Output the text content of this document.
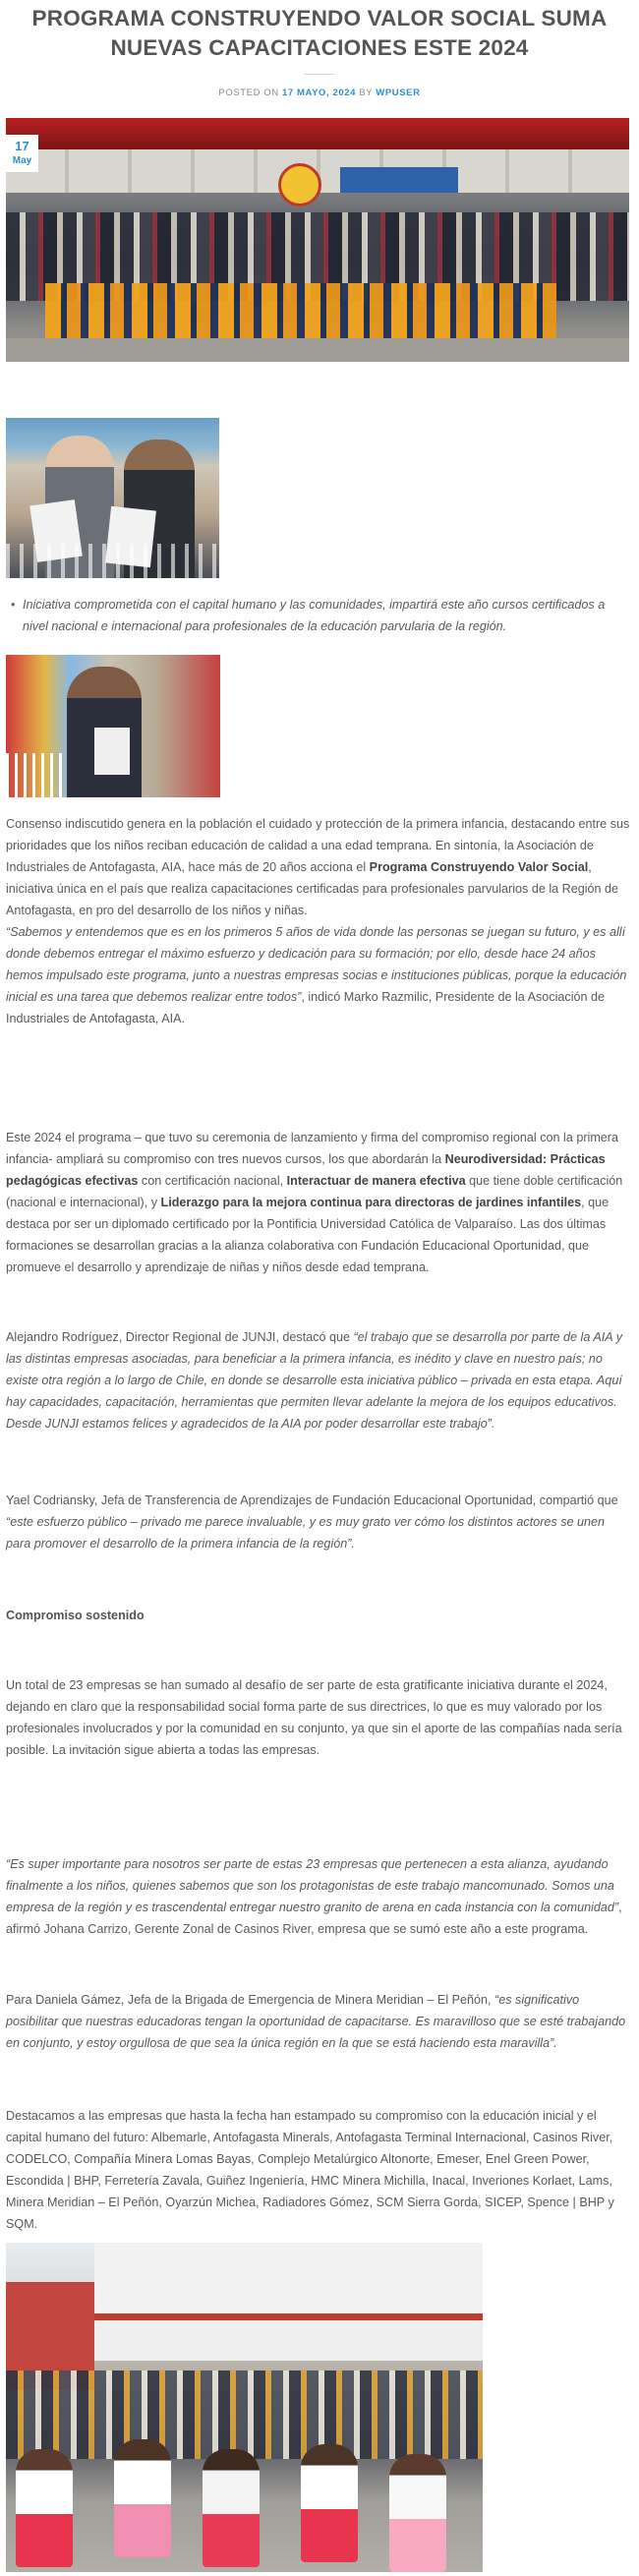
PROGRAMA CONSTRUYENDO VALOR SOCIAL SUMA NUEVAS CAPACITACIONES ESTE 2024
POSTED ON 17 MAYO, 2024 BY WPUSER
17
May
• Iniciativa comprometida con el capital humano y las comunidades, impartirá este año cursos certificados a nivel nacional e internacional para profesionales de la educación parvularia de la región.

Consenso indiscutido genera en la población el cuidado y protección de la primera infancia, destacando entre sus prioridades que los niños reciban educación de calidad a una edad temprana. En sintonía, la Asociación de Industriales de Antofagasta, AIA, hace más de 20 años acciona el Programa Construyendo Valor Social, iniciativa única en el país que realiza capacitaciones certificadas para profesionales parvularios de la Región de Antofagasta, en pro del desarrollo de los niños y niñas.

“Sabemos y entendemos que es en los primeros 5 años de vida donde las personas se juegan su futuro, y es allí donde debemos entregar el máximo esfuerzo y dedicación para su formación; por ello, desde hace 24 años hemos impulsado este programa, junto a nuestras empresas socias e instituciones públicas, porque la educación inicial es una tarea que debemos realizar entre todos”, indicó Marko Razmilic, Presidente de la Asociación de Industriales de Antofagasta, AIA.

Este 2024 el programa – que tuvo su ceremonia de lanzamiento y firma del compromiso regional con la primera infancia- ampliará su compromiso con tres nuevos cursos, los que abordarán la Neurodiversidad: Prácticas pedagógicas efectivas con certificación nacional, Interactuar de manera efectiva que tiene doble certificación (nacional e internacional), y Liderazgo para la mejora continua para directoras de jardines infantiles, que destaca por ser un diplomado certificado por la Pontificia Universidad Católica de Valparaíso. Las dos últimas formaciones se desarrollan gracias a la alianza colaborativa con Fundación Educacional Oportunidad, que promueve el desarrollo y aprendizaje de niñas y niños desde edad temprana.

Alejandro Rodríguez, Director Regional de JUNJI, destacó que “el trabajo que se desarrolla por parte de la AIA y las distintas empresas asociadas, para beneficiar a la primera infancia, es inédito y clave en nuestro país; no existe otra región a lo largo de Chile, en donde se desarrolle esta iniciativa público – privada en esta etapa. Aquí hay capacidades, capacitación, herramientas que permiten llevar adelante la mejora de los equipos educativos. Desde JUNJI estamos felices y agradecidos de la AIA por poder desarrollar este trabajo”.

Yael Codriansky, Jefa de Transferencia de Aprendizajes de Fundación Educacional Oportunidad, compartió que “este esfuerzo público – privado me parece invaluable, y es muy grato ver cómo los distintos actores se unen para promover el desarrollo de la primera infancia de la región”.

Compromiso sostenido

Un total de 23 empresas se han sumado al desafío de ser parte de esta gratificante iniciativa durante el 2024, dejando en claro que la responsabilidad social forma parte de sus directrices, lo que es muy valorado por los profesionales involucrados y por la comunidad en su conjunto, ya que sin el aporte de las compañías nada sería posible. La invitación sigue abierta a todas las empresas.

“Es super importante para nosotros ser parte de estas 23 empresas que pertenecen a esta alianza, ayudando finalmente a los niños, quienes sabemos que son los protagonistas de este trabajo mancomunado. Somos una empresa de la región y es trascendental entregar nuestro granito de arena en cada instancia con la comunidad”, afirmó Johana Carrizo, Gerente Zonal de Casinos River, empresa que se sumó este año a este programa.

Para Daniela Gámez, Jefa de la Brigada de Emergencia de Minera Meridian – El Peñón, “es significativo posibilitar que nuestras educadoras tengan la oportunidad de capacitarse. Es maravilloso que se esté trabajando en conjunto, y estoy orgullosa de que sea la única región en la que se está haciendo esta maravilla”.

Destacamos a las empresas que hasta la fecha han estampado su compromiso con la educación inicial y el capital humano del futuro: Albemarle, Antofagasta Minerals, Antofagasta Terminal Internacional, Casinos River, CODELCO, Compañía Minera Lomas Bayas, Complejo Metalúrgico Altonorte, Emeser, Enel Green Power, Escondida | BHP, Ferretería Zavala, Guiñez Ingeniería, HMC Minera Michilla, Inacal, Inveriones Korlaet, Lams, Minera Meridian – El Peñón, Oyarzún Michea, Radiadores Gómez, SCM Sierra Gorda, SICEP, Spence | BHP y SQM.
